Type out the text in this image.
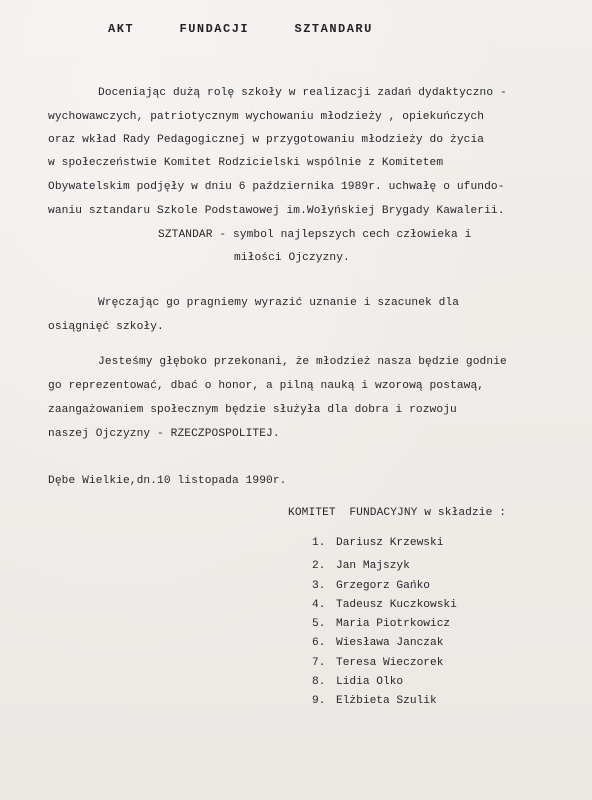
AKT  FUNDACJI  SZTANDARU
Doceniając dużą rolę szkoły w realizacji zadań dydaktyczno -
wychowawczych, patriotycznym wychowaniu młodzieży , opiekuńczych
oraz wkład Rady Pedagogicznej w przygotowaniu młodzieży do życia
w społeczeństwie Komitet Rodzicielski wspólnie z Komitetem
Obywatelskim podjęły w dniu 6 października 1989r. uchwałę o ufundo-
waniu sztandaru Szkole Podstawowej im.Wołyńskiej Brygady Kawalerii.
SZTANDAR - symbol najlepszych cech człowieka i
miłości Ojczyzny.
Wręczając go pragniemy wyrazić uznanie i szacunek dla
osiągnięć szkoły.
Jesteśmy głęboko przekonani, że młodzież nasza będzie godnie
go reprezentować, dbać o honor, a pilną nauką i wzorową postawą,
zaangażowaniem społecznym będzie służyła dla dobra i rozwoju
naszej Ojczyzny - RZECZPOSPOLITEJ.
Dębe Wielkie,dn.10 listopada 1990r.
KOMITET  FUNDACYJNY w składzie :
1. Dariusz Krzewski
2. Jan Majszyk
3. Grzegorz Gańko
4. Tadeusz Kuczkowski
5. Maria Piotrkowicz
6. Wiesława Janczak
7. Teresa Wieczorek
8. Lidia Olko
9. Elżbieta Szulik
